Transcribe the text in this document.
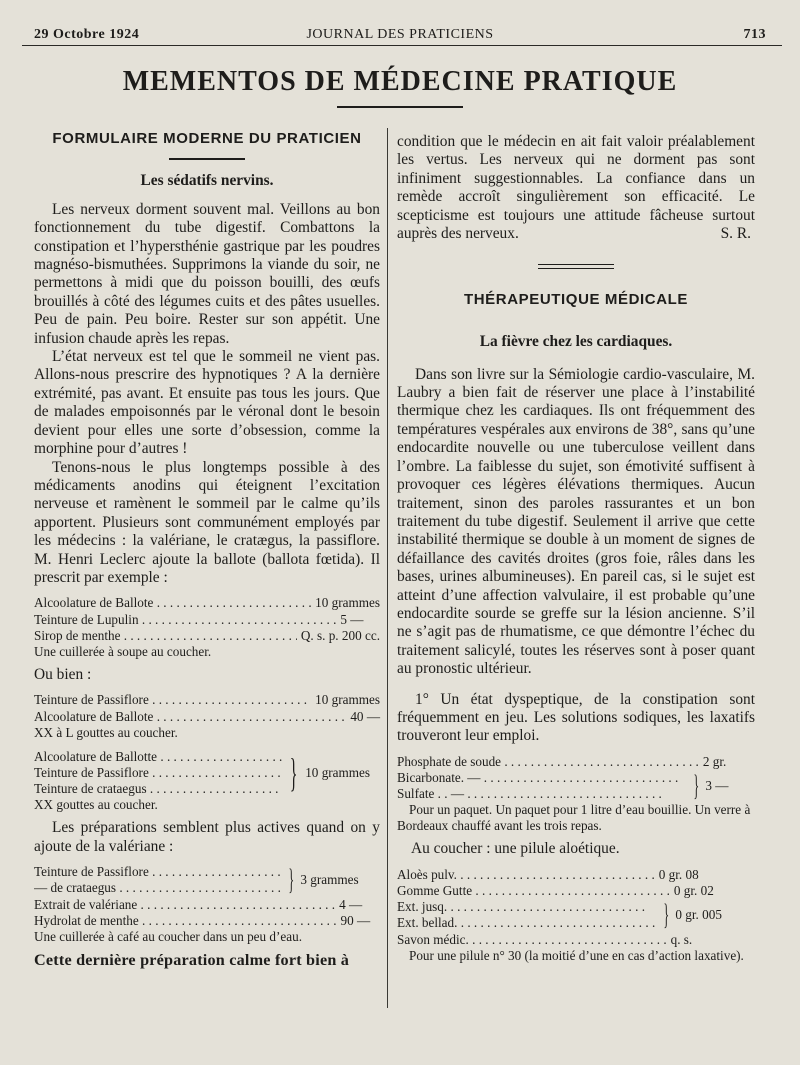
29 Octobre 1924	JOURNAL DES PRATICIENS	713
MEMENTOS DE MÉDECINE PRATIQUE
FORMULAIRE MODERNE DU PRATICIEN
Les sédatifs nervins.

Les nerveux dorment souvent mal. Veillons au bon fonctionnement du tube digestif. Combattons la constipation et l’hypersthénie gastrique par les poudres magnéso-bismuthées. Supprimons la viande du soir, ne permettons à midi que du poisson bouilli, des œufs brouillés à côté des légumes cuits et des pâtes usuelles. Peu de pain. Peu boire. Rester sur son appétit. Une infusion chaude après les repas.

L’état nerveux est tel que le sommeil ne vient pas. Allons-nous prescrire des hypnotiques ? A la dernière extrémité, pas avant. Et ensuite pas tous les jours. Que de malades empoisonnés par le véronal dont le besoin devient pour elles une sorte d’obsession, comme la morphine pour d’autres !

Tenons-nous le plus longtemps possible à des médicaments anodins qui éteignent l’excitation nerveuse et ramènent le sommeil par le calme qu’ils apportent. Plusieurs sont communément employés par les médecins : la valériane, le cratægus, la passiflore. M. Henri Leclerc ajoute la ballote (ballota fœtida). Il prescrit par exemple :

Alcoolature de Ballote . . .	10 grammes
Teinture de Lupulin . . .	5 —
Sirop de menthe . . .	Q. s. p. 200 cc.
Une cuillerée à soupe au coucher.
Ou bien :
Teinture de Passiflore . . .	10 grammes
Alcoolature de Ballote . . .	40 —
XX à L gouttes au coucher.
Alcoolature de Ballotte . . .
Teinture de Passiflore . . .
Teinture de crataegus . . .	} 10 grammes
XX gouttes au coucher.

Les préparations semblent plus actives quand on y ajoute de la valériane :

Teinture de Passiflore . . .
— de crataegus . . .	} 3 grammes
Extrait de valériane . . .	4 —
Hydrolat de menthe . . .	90 —
Une cuillerée à café au coucher dans un peu d’eau.

Cette dernière préparation calme fort bien à

condition que le médecin en ait fait valoir préalablement les vertus. Les nerveux qui ne dorment pas sont infiniment suggestionnables. La confiance dans un remède accroît singulièrement son efficacité. Le scepticisme est toujours une attitude fâcheuse surtout auprès des nerveux.	S. R.
THÉRAPEUTIQUE MÉDICALE
La fièvre chez les cardiaques.

Dans son livre sur la Sémiologie cardio-vasculaire, M. Laubry a bien fait de réserver une place à l’instabilité thermique chez les cardiaques. Ils ont fréquemment des températures vespérales aux environs de 38°, sans qu’une endocardite nouvelle ou une tuberculose veillent dans l’ombre. La faiblesse du sujet, son émotivité suffisent à provoquer ces légères élévations thermiques. Aucun traitement, sinon des paroles rassurantes et un bon traitement du tube digestif. Seulement il arrive que cette instabilité thermique se double à un moment de signes de défaillance des cavités droites (gros foie, râles dans les bases, urines albumineuses). En pareil cas, si le sujet est atteint d’une affection valvulaire, il est probable qu’une endocardite sourde se greffe sur la lésion ancienne. S’il ne s’agit pas de rhumatisme, ce que démontre l’échec du traitement salicylé, toutes les réserves sont à poser quant au pronostic ultérieur.

1° Un état dyspeptique, de la constipation sont fréquemment en jeu. Les solutions sodiques, les laxatifs trouveront leur emploi.

Phosphate de soude . . .	2 gr.
Bicarbonate. — . . .
Sulfate . . — . . .	} 3 —
Pour un paquet. Un paquet pour 1 litre d’eau bouillie. Un verre à Bordeaux chauffé avant les trois repas.
Au coucher : une pilule aloétique.
Aloès pulv. . . .	0 gr. 08
Gomme Gutte . . .	0 gr. 02
Ext. jusq. . . .
Ext. bellad. . . .	} 0 gr. 005
Savon médic. . . .	q. s.
Pour une pilule n° 30 (la moitié d’une en cas d’action laxative).
